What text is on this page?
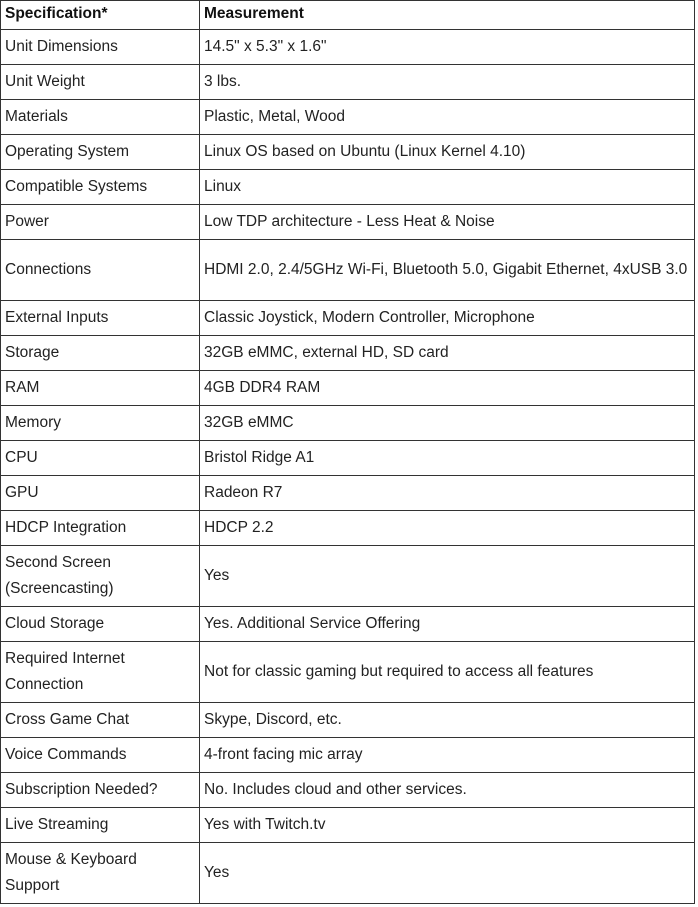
Specification*	Measurement
Unit Dimensions	14.5" x 5.3" x 1.6"
Unit Weight	3 lbs.
Materials	Plastic, Metal, Wood
Operating System	Linux OS based on Ubuntu (Linux Kernel 4.10)
Compatible Systems	Linux
Power	Low TDP architecture - Less Heat & Noise
Connections	HDMI 2.0, 2.4/5GHz Wi-Fi, Bluetooth 5.0, Gigabit Ethernet, 4xUSB 3.0
External Inputs	Classic Joystick, Modern Controller, Microphone
Storage	32GB eMMC, external HD, SD card
RAM	4GB DDR4 RAM
Memory	32GB eMMC
CPU	Bristol Ridge A1
GPU	Radeon R7
HDCP Integration	HDCP 2.2
Second Screen (Screencasting)	Yes
Cloud Storage	Yes. Additional Service Offering
Required Internet Connection	Not for classic gaming but required to access all features
Cross Game Chat	Skype, Discord, etc.
Voice Commands	4-front facing mic array
Subscription Needed?	No. Includes cloud and other services.
Live Streaming	Yes with Twitch.tv
Mouse & Keyboard Support	Yes
